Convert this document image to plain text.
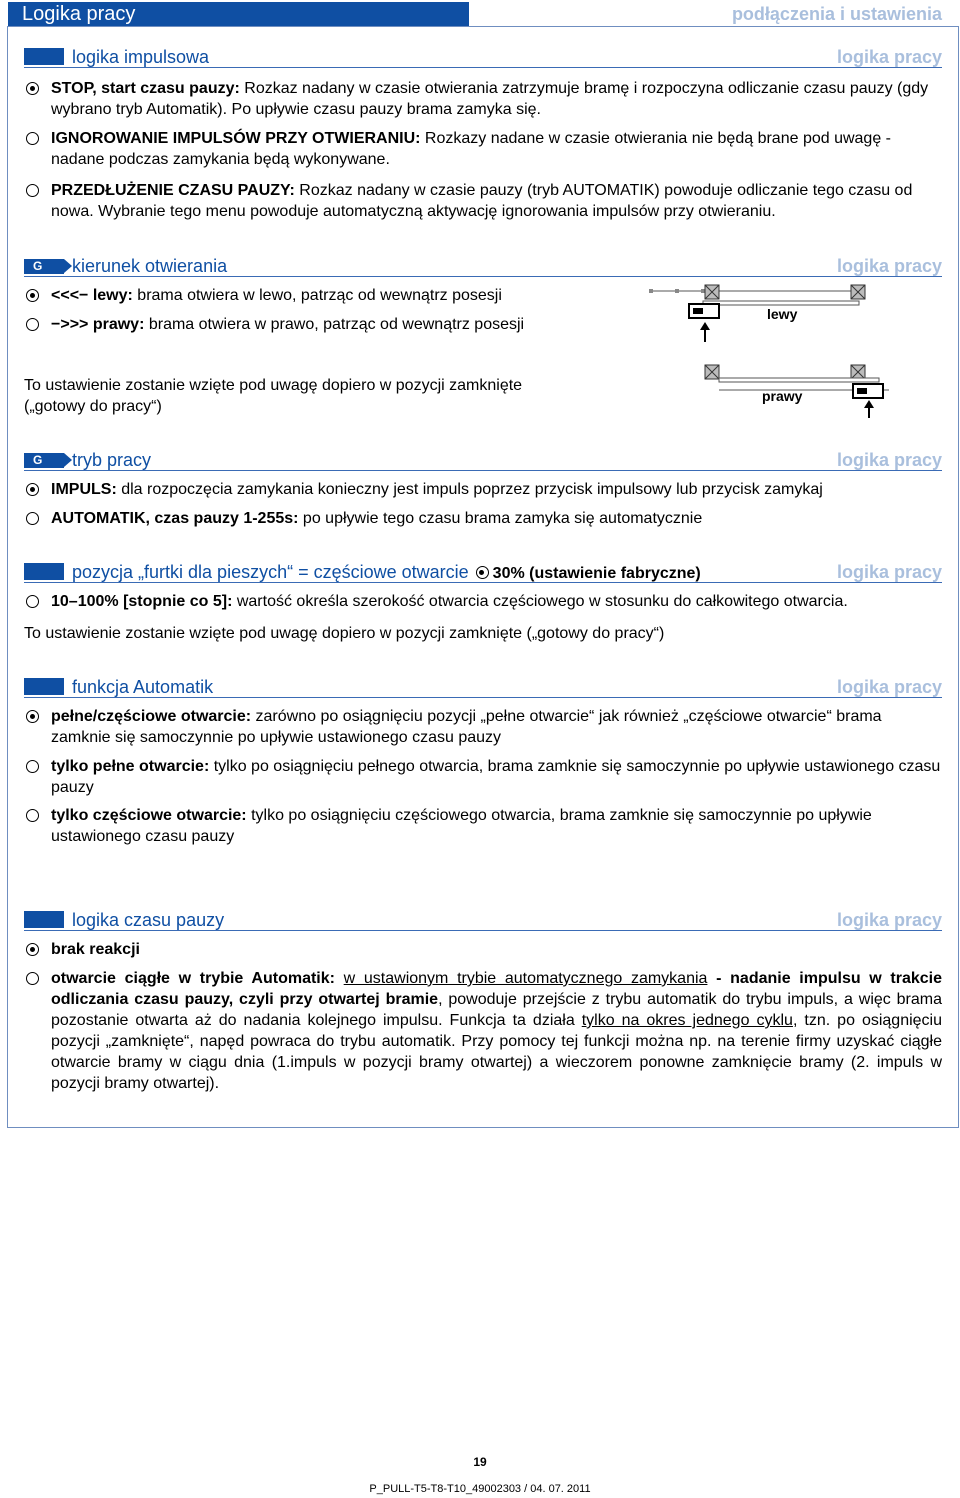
Logika pracy	podłączenia i ustawienia
logika impulsowa	logika pracy
STOP, start czasu pauzy: Rozkaz nadany w czasie otwierania zatrzymuje bramę i rozpoczyna odliczanie czasu pauzy (gdy wybrano tryb Automatik). Po upływie czasu pauzy brama zamyka się.
IGNOROWANIE IMPULSÓW PRZY OTWIERANIU: Rozkazy nadane w czasie otwierania nie będą brane pod uwagę - nadane podczas zamykania będą wykonywane.
PRZEDŁUŻENIE CZASU PAUZY: Rozkaz nadany w czasie pauzy (tryb AUTOMATIK) powoduje odliczanie tego czasu od nowa. Wybranie tego menu powoduje automatyczną aktywację ignorowania impulsów przy otwieraniu.
G	kierunek otwierania	logika pracy
<<<− lewy: brama otwiera w lewo, patrząc od wewnątrz posesji
−>>> prawy: brama otwiera w prawo, patrząc od wewnątrz posesji
lewy
prawy
To ustawienie zostanie wzięte pod uwagę dopiero w pozycji zamknięte („gotowy do pracy“)
G	tryb pracy	logika pracy
IMPULS: dla rozpoczęcia zamykania konieczny jest impuls poprzez przycisk impulsowy lub przycisk zamykaj
AUTOMATIK, czas pauzy 1-255s: po upływie tego czasu brama zamyka się automatycznie
pozycja „furtki dla pieszych“ = częściowe otwarcie 30% (ustawienie fabryczne)	logika pracy
10–100% [stopnie co 5]: wartość określa szerokość otwarcia częściowego w stosunku do całkowitego otwarcia.
To ustawienie zostanie wzięte pod uwagę dopiero w pozycji zamknięte („gotowy do pracy“)
funkcja Automatik	logika pracy
pełne/częściowe otwarcie: zarówno po osiągnięciu pozycji „pełne otwarcie“ jak również „częściowe otwarcie“ brama zamknie się samoczynnie po upływie ustawionego czasu pauzy
tylko pełne otwarcie: tylko po osiągnięciu pełnego otwarcia, brama zamknie się samoczynnie po upływie ustawionego czasu pauzy
tylko częściowe otwarcie: tylko po osiągnięciu częściowego otwarcia, brama zamknie się samoczynnie po upływie ustawionego czasu pauzy
logika czasu pauzy	logika pracy
brak reakcji
otwarcie ciągłe w trybie Automatik: w ustawionym trybie automatycznego zamykania - nadanie impulsu w trakcie odliczania czasu pauzy, czyli przy otwartej bramie, powoduje przejście z trybu automatik do trybu impuls, a więc brama pozostanie otwarta aż do nadania kolejnego impulsu. Funkcja ta działa tylko na okres jednego cyklu, tzn. po osiągnięciu pozycji „zamknięte“, napęd powraca do trybu automatik. Przy pomocy tej funkcji można np. na terenie firmy uzyskać ciągłe otwarcie bramy w ciągu dnia (1.impuls w pozycji bramy otwartej) a wieczorem ponowne zamknięcie bramy (2. impuls w pozycji bramy otwartej).
19
P_PULL-T5-T8-T10_49002303 / 04. 07. 2011
